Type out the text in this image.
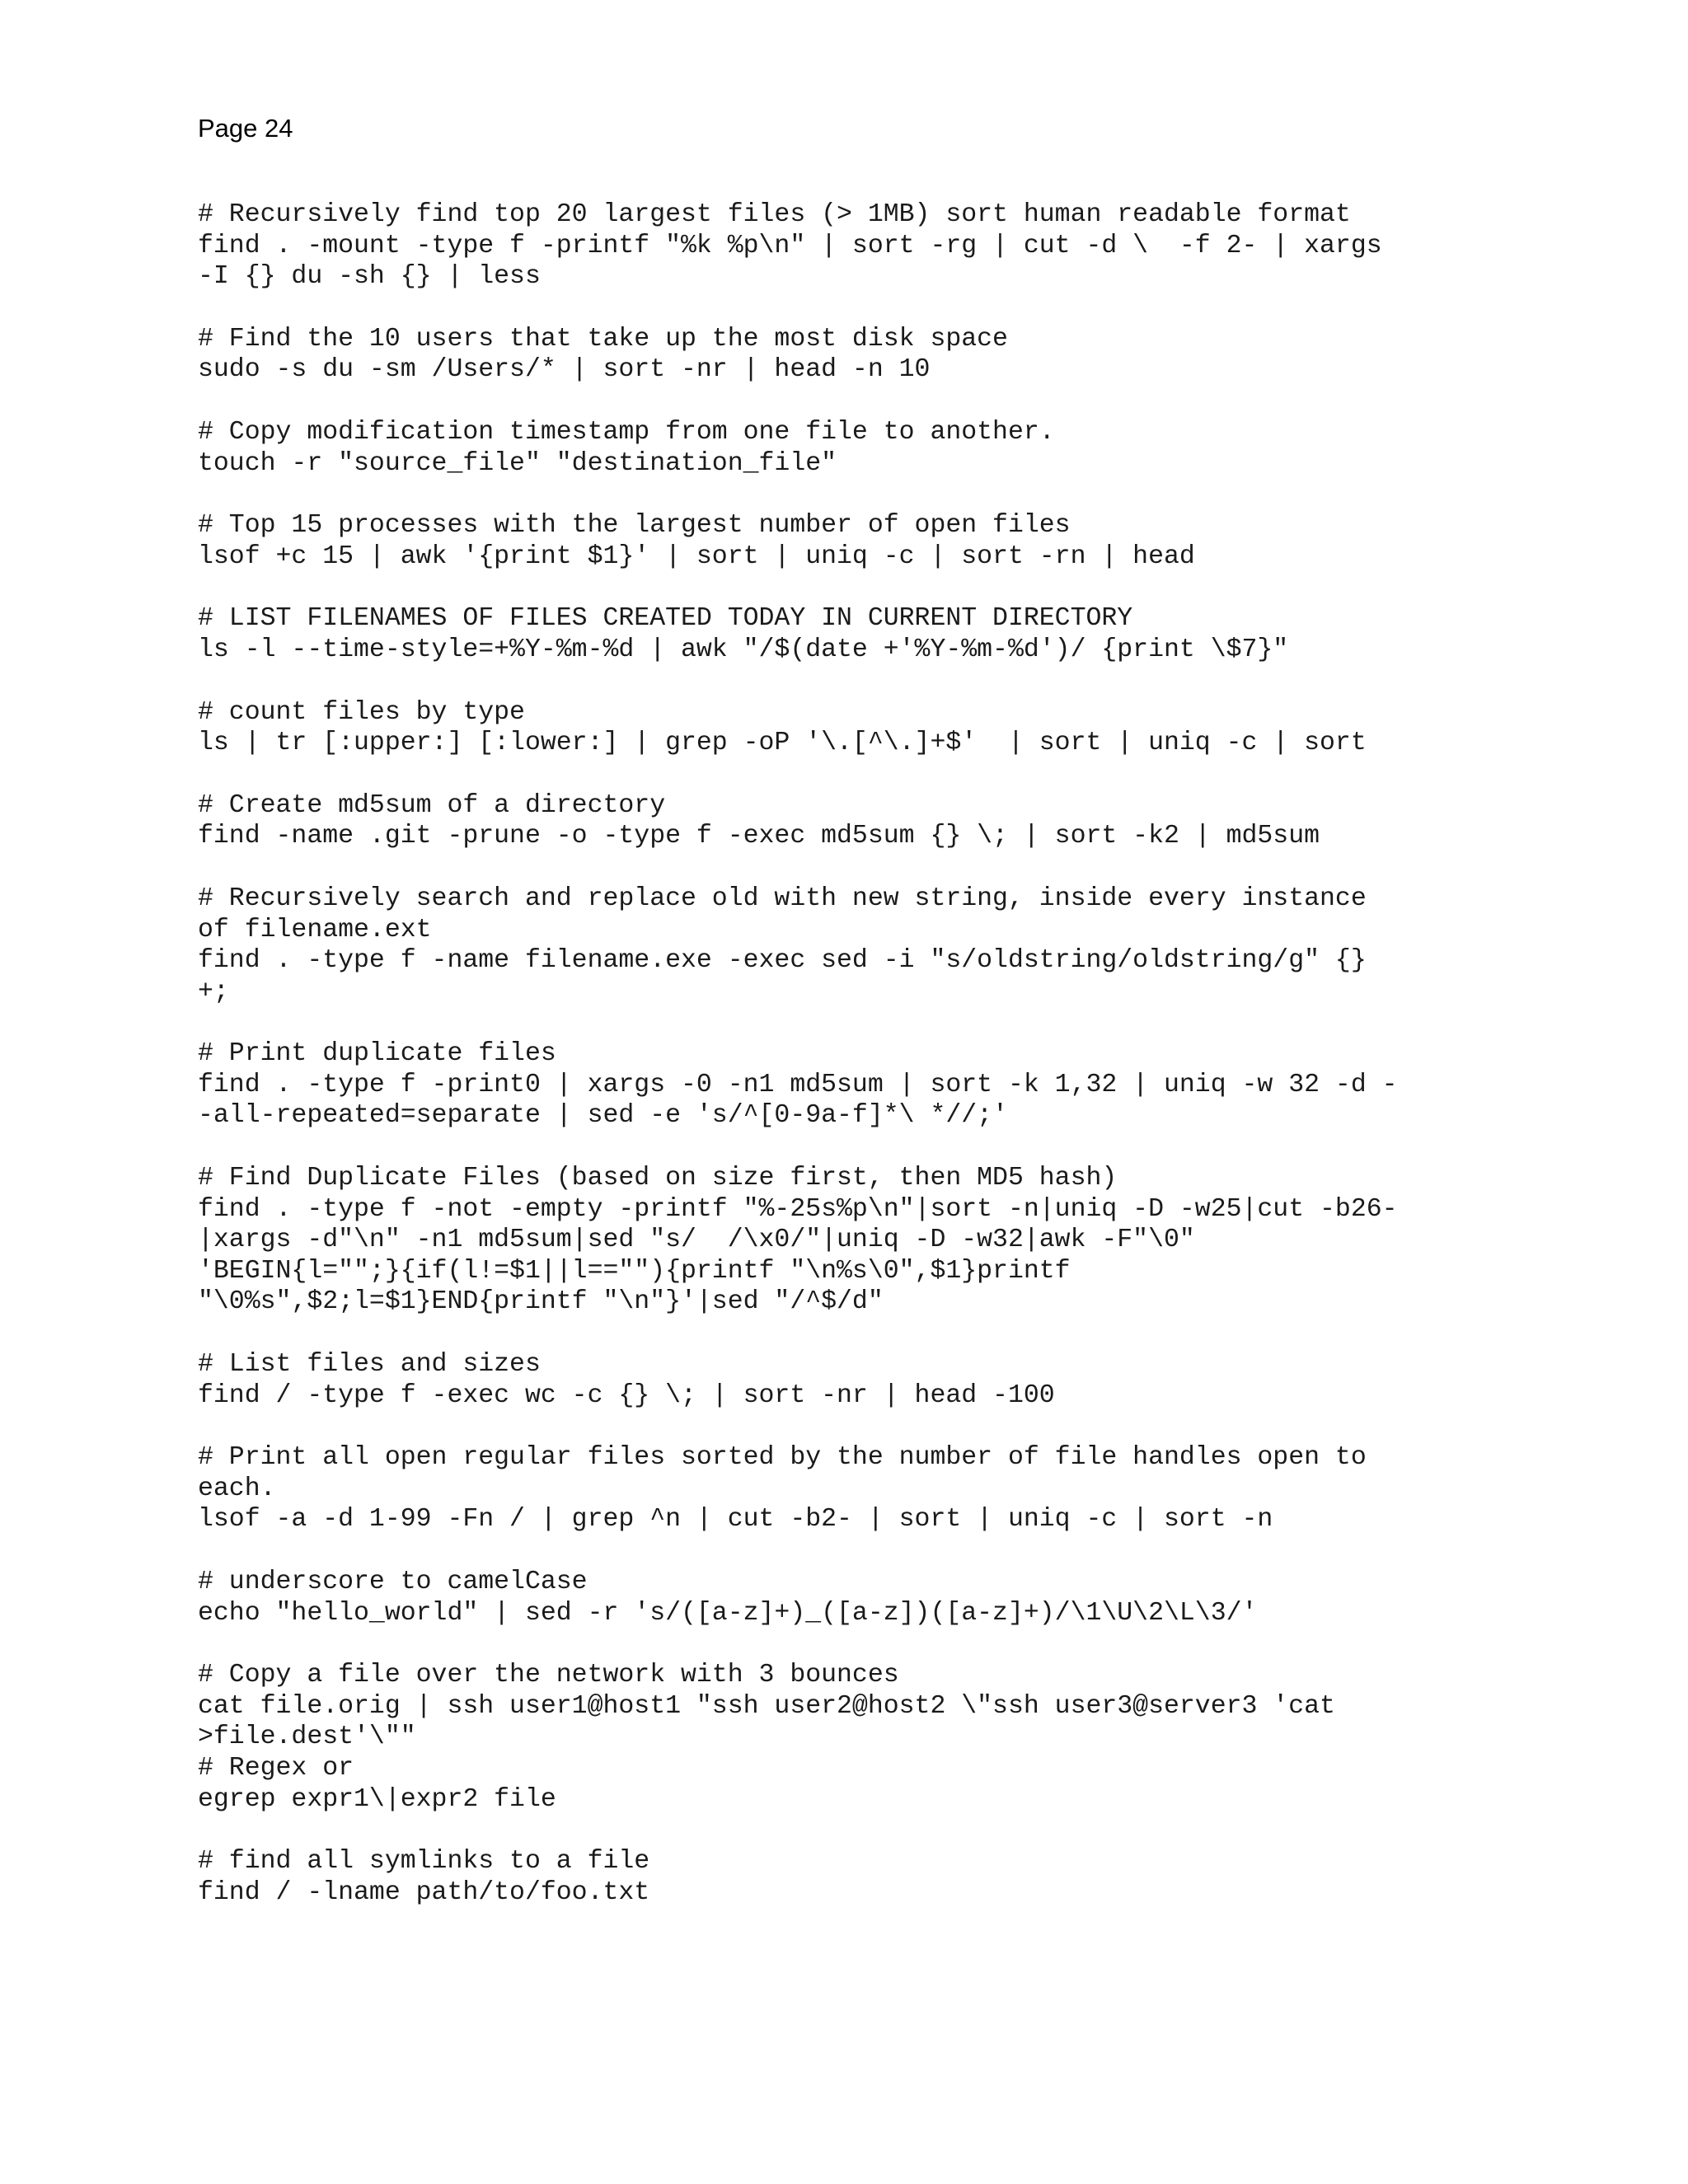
Page 24
# Recursively find top 20 largest files (> 1MB) sort human readable format
find . -mount -type f -printf "%k %p\n" | sort -rg | cut -d \  -f 2- | xargs
-I {} du -sh {} | less
# Find the 10 users that take up the most disk space
sudo -s du -sm /Users/* | sort -nr | head -n 10
# Copy modification timestamp from one file to another.
touch -r "source_file" "destination_file"
# Top 15 processes with the largest number of open files
lsof +c 15 | awk '{print $1}' | sort | uniq -c | sort -rn | head
# LIST FILENAMES OF FILES CREATED TODAY IN CURRENT DIRECTORY
ls -l --time-style=+%Y-%m-%d | awk "/$(date +'%Y-%m-%d')/ {print \$7}"
# count files by type
ls | tr [:upper:] [:lower:] | grep -oP '\.[^\.]+$'  | sort | uniq -c | sort
# Create md5sum of a directory
find -name .git -prune -o -type f -exec md5sum {} \; | sort -k2 | md5sum
# Recursively search and replace old with new string, inside every instance
of filename.ext
find . -type f -name filename.exe -exec sed -i "s/oldstring/oldstring/g" {}
+;
# Print duplicate files
find . -type f -print0 | xargs -0 -n1 md5sum | sort -k 1,32 | uniq -w 32 -d -
-all-repeated=separate | sed -e 's/^[0-9a-f]*\ *//;'
# Find Duplicate Files (based on size first, then MD5 hash)
find . -type f -not -empty -printf "%-25s%p\n"|sort -n|uniq -D -w25|cut -b26-
|xargs -d"\n" -n1 md5sum|sed "s/  /\x0/"|uniq -D -w32|awk -F"\0"
'BEGIN{l="";}{if(l!=$1||l==""){printf "\n%s\0",$1}printf
"\0%s",$2;l=$1}END{printf "\n"}'|sed "/^$/d"
# List files and sizes
find / -type f -exec wc -c {} \; | sort -nr | head -100
# Print all open regular files sorted by the number of file handles open to
each.
lsof -a -d 1-99 -Fn / | grep ^n | cut -b2- | sort | uniq -c | sort -n
# underscore to camelCase
echo "hello_world" | sed -r 's/([a-z]+)_([a-z])([a-z]+)/\1\U\2\L\3/'
# Copy a file over the network with 3 bounces
cat file.orig | ssh user1@host1 "ssh user2@host2 \"ssh user3@server3 'cat
>file.dest'\""
# Regex or
egrep expr1\|expr2 file
# find all symlinks to a file
find / -lname path/to/foo.txt
